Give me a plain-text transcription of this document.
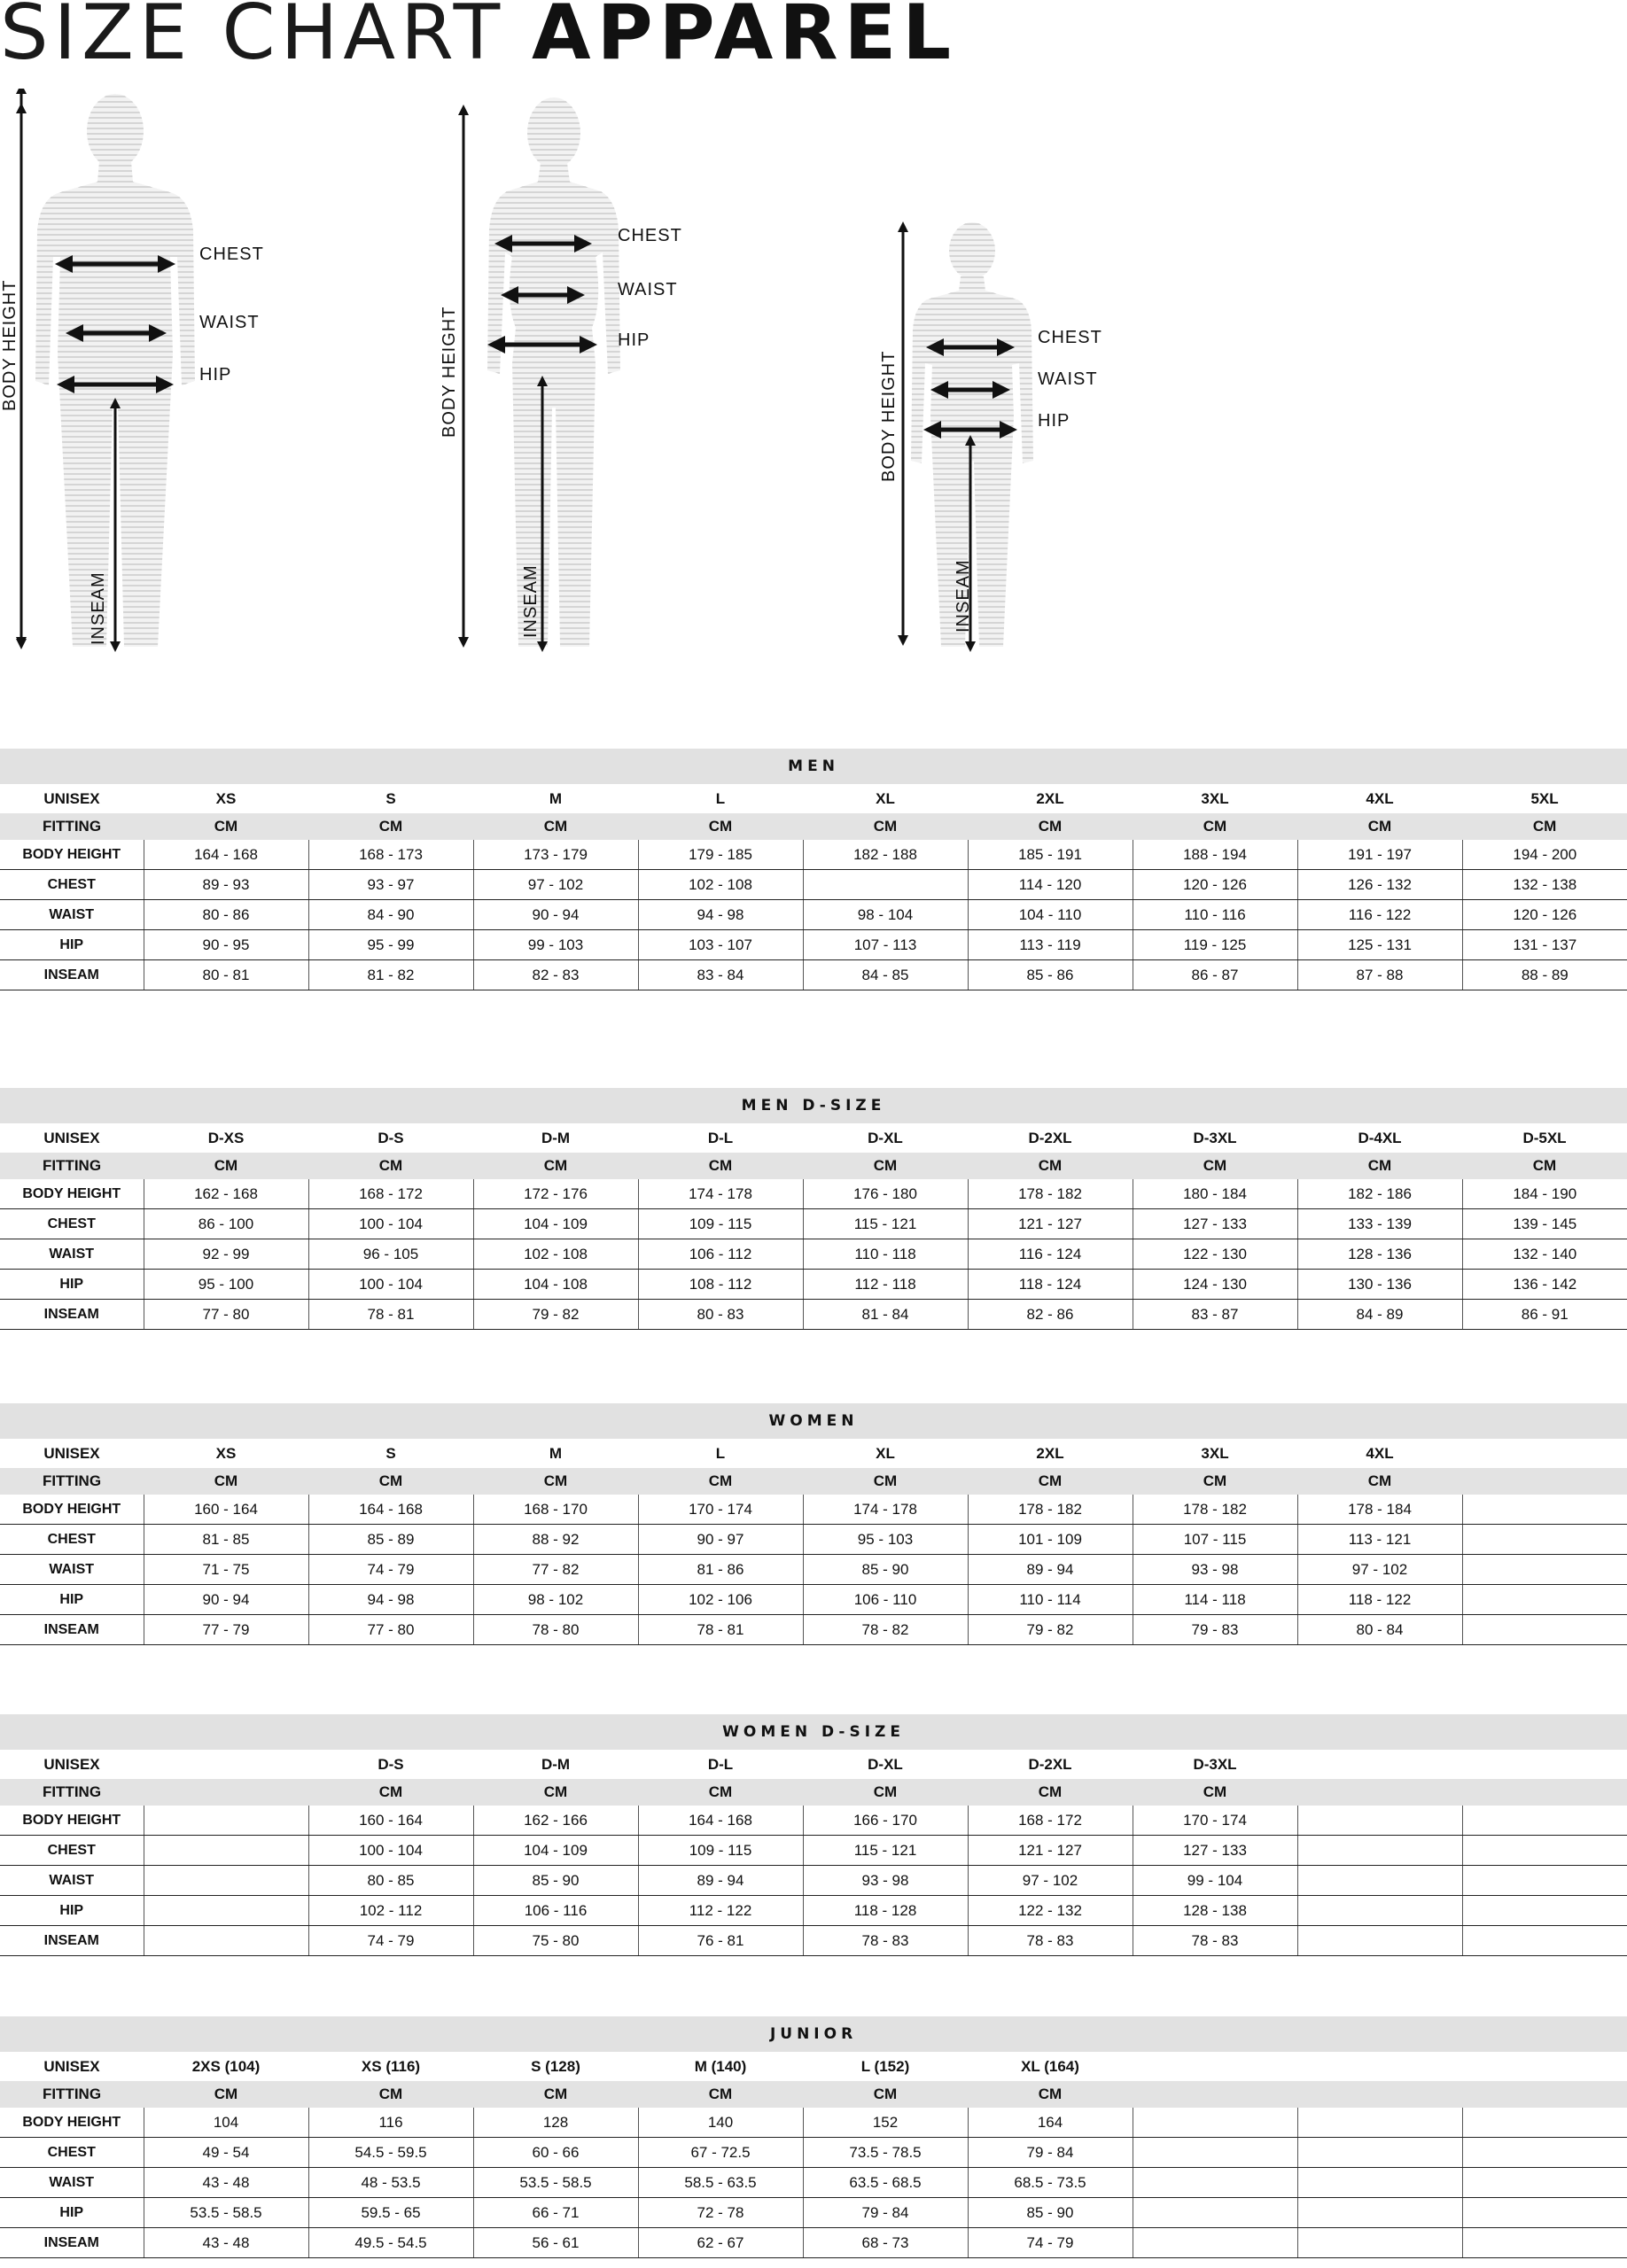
SIZE CHART APPAREL
BODY HEIGHT
INSEAM
CHEST
WAIST
HIP	BODY HEIGHT
INSEAM
CHEST
WAIST
HIP
BODY HEIGHT
INSEAM
CHEST
WAIST
HIP
MEN									
UNISEX	XS	S	M	L	XL	2XL	3XL	4XL	5XL
FITTING	CM	CM	CM	CM	CM	CM	CM	CM	CM
BODY HEIGHT	164 - 168	168 - 173	173 - 179	179 - 185	182 - 188	185 - 191	188 - 194	191 - 197	194 - 200
CHEST	89 - 93	93 - 97	97 - 102	102 - 108		114 - 120	120 - 126	126 - 132	132 - 138
WAIST	80 - 86	84 - 90	90 - 94	94 - 98	98 - 104	104 - 110	110 - 116	116 - 122	120 - 126
HIP	90 - 95	95 - 99	99 - 103	103 - 107	107 - 113	113 - 119	119 - 125	125 - 131	131 - 137
INSEAM	80 - 81	81 - 82	82 - 83	83 - 84	84 - 85	85 - 86	86 - 87	87 - 88	88 - 89
MEN D-SIZE									
UNISEX	D-XS	D-S	D-M	D-L	D-XL	D-2XL	D-3XL	D-4XL	D-5XL
FITTING	CM	CM	CM	CM	CM	CM	CM	CM	CM
BODY HEIGHT	162 - 168	168 - 172	172 - 176	174 - 178	176 - 180	178 - 182	180 - 184	182 - 186	184 - 190
CHEST	86 - 100	100 - 104	104 - 109	109 - 115	115 - 121	121 - 127	127 - 133	133 - 139	139 - 145
WAIST	92 - 99	96 - 105	102 - 108	106 - 112	110 - 118	116 - 124	122 - 130	128 - 136	132 - 140
HIP	95 - 100	100 - 104	104 - 108	108 - 112	112 - 118	118 - 124	124 - 130	130 - 136	136 - 142
INSEAM	77 - 80	78 - 81	79 - 82	80 - 83	81 - 84	82 - 86	83 - 87	84 - 89	86 - 91
WOMEN									
UNISEX	XS	S	M	L	XL	2XL	3XL	4XL	
FITTING	CM	CM	CM	CM	CM	CM	CM	CM	
BODY HEIGHT	160 - 164	164 - 168	168 - 170	170 - 174	174 - 178	178 - 182	178 - 182	178 - 184	
CHEST	81 - 85	85 - 89	88 - 92	90 - 97	95 - 103	101 - 109	107 - 115	113 - 121	
WAIST	71 - 75	74 - 79	77 - 82	81 - 86	85 - 90	89 - 94	93 - 98	97 - 102	
HIP	90 - 94	94 - 98	98 - 102	102 - 106	106 - 110	110 - 114	114 - 118	118 - 122	
INSEAM	77 - 79	77 - 80	78 - 80	78 - 81	78 - 82	79 - 82	79 - 83	80 - 84	
WOMEN D-SIZE									
UNISEX		D-S	D-M	D-L	D-XL	D-2XL	D-3XL		
FITTING		CM	CM	CM	CM	CM	CM		
BODY HEIGHT		160 - 164	162 - 166	164 - 168	166 - 170	168 - 172	170 - 174		
CHEST		100 - 104	104 - 109	109 - 115	115 - 121	121 - 127	127 - 133		
WAIST		80 - 85	85 - 90	89 - 94	93 - 98	97 - 102	99 - 104		
HIP		102 - 112	106 - 116	112 - 122	118 - 128	122 - 132	128 - 138		
INSEAM		74 - 79	75 - 80	76 - 81	78 - 83	78 - 83	78 - 83		
JUNIOR									
UNISEX	2XS (104)	XS (116)	S (128)	M (140)	L (152)	XL (164)			
FITTING	CM	CM	CM	CM	CM	CM			
BODY HEIGHT	104	116	128	140	152	164			
CHEST	49 - 54	54.5 - 59.5	60 - 66	67 - 72.5	73.5 - 78.5	79 - 84			
WAIST	43 - 48	48 - 53.5	53.5 - 58.5	58.5 - 63.5	63.5 - 68.5	68.5 - 73.5			
HIP	53.5 - 58.5	59.5 - 65	66 - 71	72 - 78	79 - 84	85 - 90			
INSEAM	43 - 48	49.5 - 54.5	56 - 61	62 - 67	68 - 73	74 - 79			
